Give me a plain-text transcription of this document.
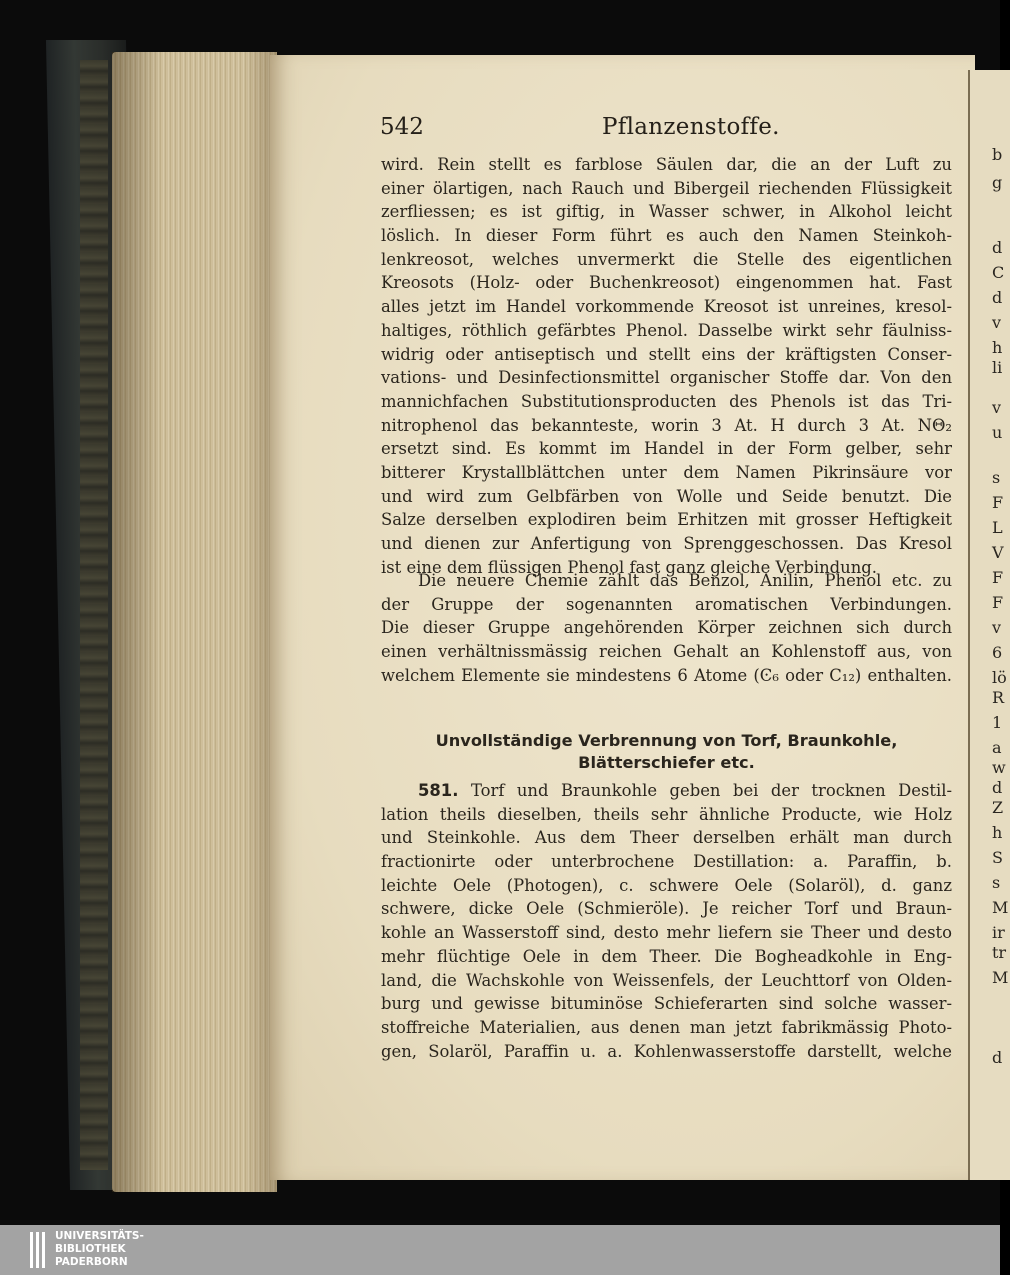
b
g
d
C
d
v
h
li
v
u
s
F
L
V
F
F
v
6
lö
R
1
a
w
d
Z
h
S
s
M
ir
tr
M
d
542	Pflanzenstoffe.
wird. Rein stellt es farblose Säulen dar, die an der Luft zu
einer ölartigen, nach Rauch und Bibergeil riechenden Flüssigkeit
zerfliessen; es ist giftig, in Wasser schwer, in Alkohol leicht
löslich. In dieser Form führt es auch den Namen Steinkoh-
lenkreosot, welches unvermerkt die Stelle des eigentlichen
Kreosots (Holz- oder Buchenkreosot) eingenommen hat. Fast
alles jetzt im Handel vorkommende Kreosot ist unreines, kresol-
haltiges, röthlich gefärbtes Phenol. Dasselbe wirkt sehr fäulniss-
widrig oder antiseptisch und stellt eins der kräftigsten Conser-
vations- und Desinfectionsmittel organischer Stoffe dar. Von den
mannichfachen Substitutionsproducten des Phenols ist das Tri-
nitrophenol das bekannteste, worin 3 At. H durch 3 At. NΘ₂
ersetzt sind. Es kommt im Handel in der Form gelber, sehr
bitterer Krystallblättchen unter dem Namen Pikrinsäure vor
und wird zum Gelbfärben von Wolle und Seide benutzt. Die
Salze derselben explodiren beim Erhitzen mit grosser Heftigkeit
und dienen zur Anfertigung von Sprenggeschossen. Das Kresol
ist eine dem flüssigen Phenol fast ganz gleiche Verbindung.
Die neuere Chemie zählt das Benzol, Anilin, Phenol etc. zu
der Gruppe der sogenannten aromatischen Verbindungen.
Die dieser Gruppe angehörenden Körper zeichnen sich durch
einen verhältnissmässig reichen Gehalt an Kohlenstoff aus, von
welchem Elemente sie mindestens 6 Atome (Ͼ₆ oder C₁₂) enthalten.
Unvollständige Verbrennung von Torf, Braunkohle,
Blätterschiefer etc.
581. Torf und Braunkohle geben bei der trocknen Destil-
lation theils dieselben, theils sehr ähnliche Producte, wie Holz
und Steinkohle. Aus dem Theer derselben erhält man durch
fractionirte oder unterbrochene Destillation: a. Paraffin, b.
leichte Oele (Photogen), c. schwere Oele (Solaröl), d. ganz
schwere, dicke Oele (Schmieröle). Je reicher Torf und Braun-
kohle an Wasserstoff sind, desto mehr liefern sie Theer und desto
mehr flüchtige Oele in dem Theer. Die Bogheadkohle in Eng-
land, die Wachskohle von Weissenfels, der Leuchttorf von Olden-
burg und gewisse bituminöse Schieferarten sind solche wasser-
stoffreiche Materialien, aus denen man jetzt fabrikmässig Photo-
gen, Solaröl, Paraffin u. a. Kohlenwasserstoffe darstellt, welche
UNIVERSITÄTS-
BIBLIOTHEK
PADERBORN
